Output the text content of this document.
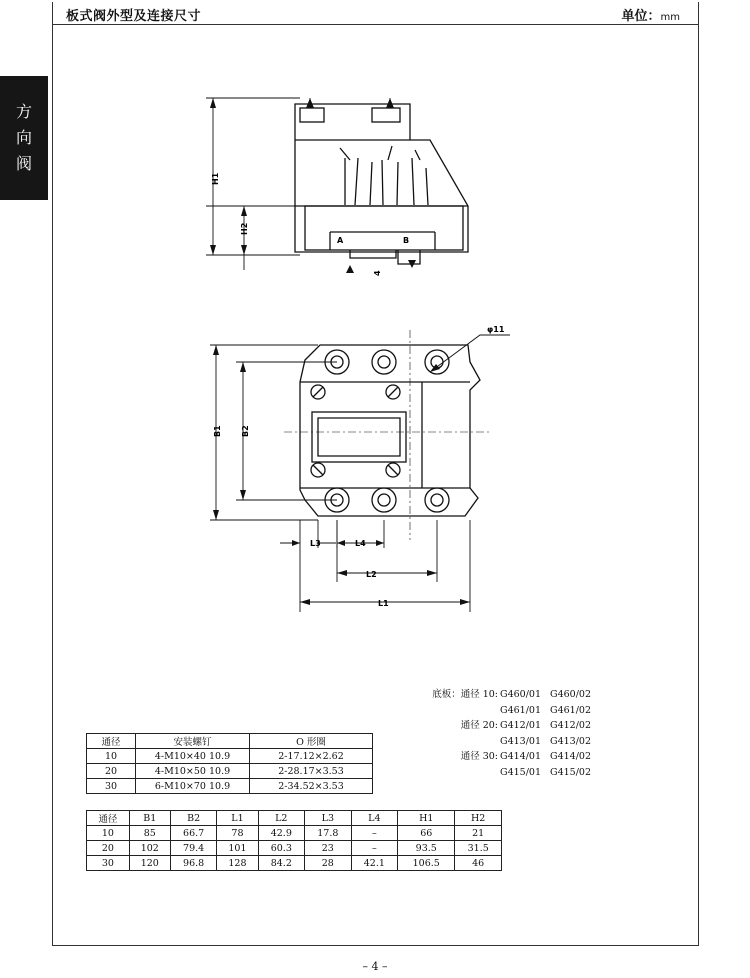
板式阀外型及连接尺寸	单位：mm
方
向
阀
H1
H2
A	B
4
φ11
B1 B2
L1
L2
L3	L4
底板：通径 10: G460/01 G460/02
G461/01 G461/02
通径 20: G412/01 G412/02
G413/01 G413/02
通径 30: G414/01 G414/02
G415/01 G415/02
通径	安装螺钉	O 形圈
10	4-M10×40 10.9	2-17.12×2.62
20	4-M10×50 10.9	2-28.17×3.53
30	6-M10×70 10.9	2-34.52×3.53
通径	B1	B2	L1	L2	L3	L4	H1	H2
10	85	66.7	78	42.9	17.8	–	66	21
20	102	79.4	101	60.3	23	–	93.5	31.5
30	120	96.8	128	84.2	28	42.1	106.5	46
– 4 –
